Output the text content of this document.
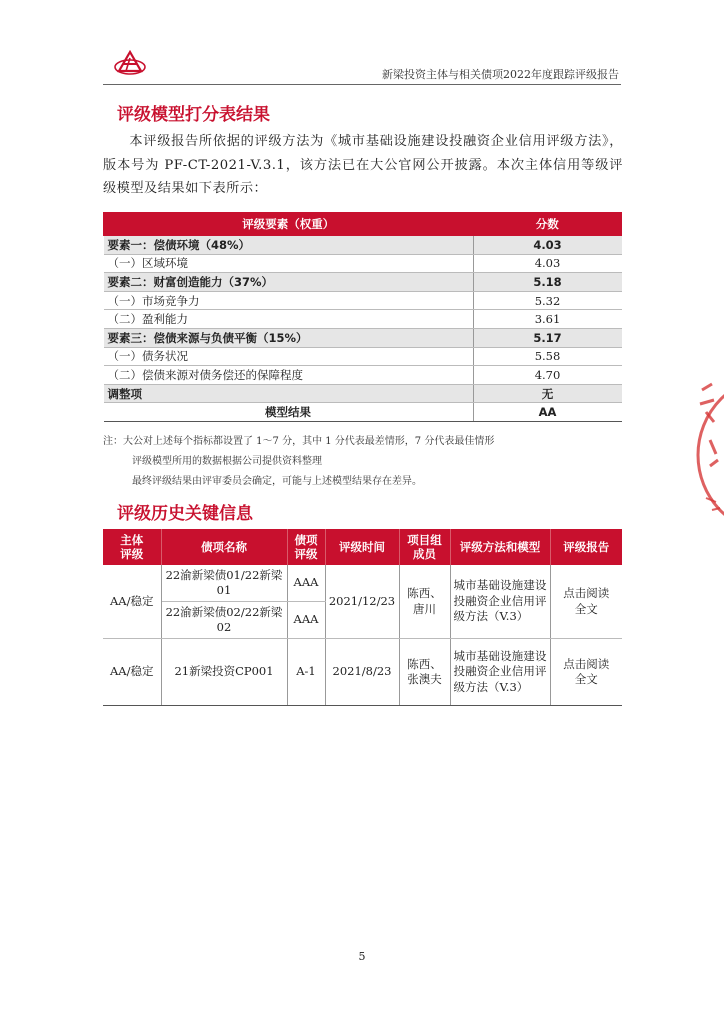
新梁投资主体与相关债项2022年度跟踪评级报告
评级模型打分表结果
本评级报告所依据的评级方法为《城市基础设施建设投融资企业信用评级方法》，版本号为 PF-CT-2021-V.3.1，该方法已在大公官网公开披露。本次主体信用等级评级模型及结果如下表所示：
评级要素（权重）	分数
要素一：偿债环境（48%）	4.03
（一）区域环境	4.03
要素二：财富创造能力（37%）	5.18
（一）市场竞争力	5.32
（二）盈利能力	3.61
要素三：偿债来源与负债平衡（15%）	5.17
（一）债务状况	5.58
（二）偿债来源对债务偿还的保障程度	4.70
调整项	无
模型结果	AA
注：大公对上述每个指标都设置了 1～7 分，其中 1 分代表最差情形，7 分代表最佳情形
评级模型所用的数据根据公司提供资料整理
最终评级结果由评审委员会确定，可能与上述模型结果存在差异。
评级历史关键信息
主体评级	债项名称	债项评级	评级时间	项目组成员	评级方法和模型	评级报告
AA/稳定	22渝新梁债01/22新梁01	AAA	2021/12/23	陈西、唐川	城市基础设施建设投融资企业信用评级方法（V.3）	点击阅读全文
	22渝新梁债02/22新梁02	AAA				
AA/稳定	21新梁投资CP001	A-1	2021/8/23	陈西、张澳夫	城市基础设施建设投融资企业信用评级方法（V.3）	点击阅读全文
5
